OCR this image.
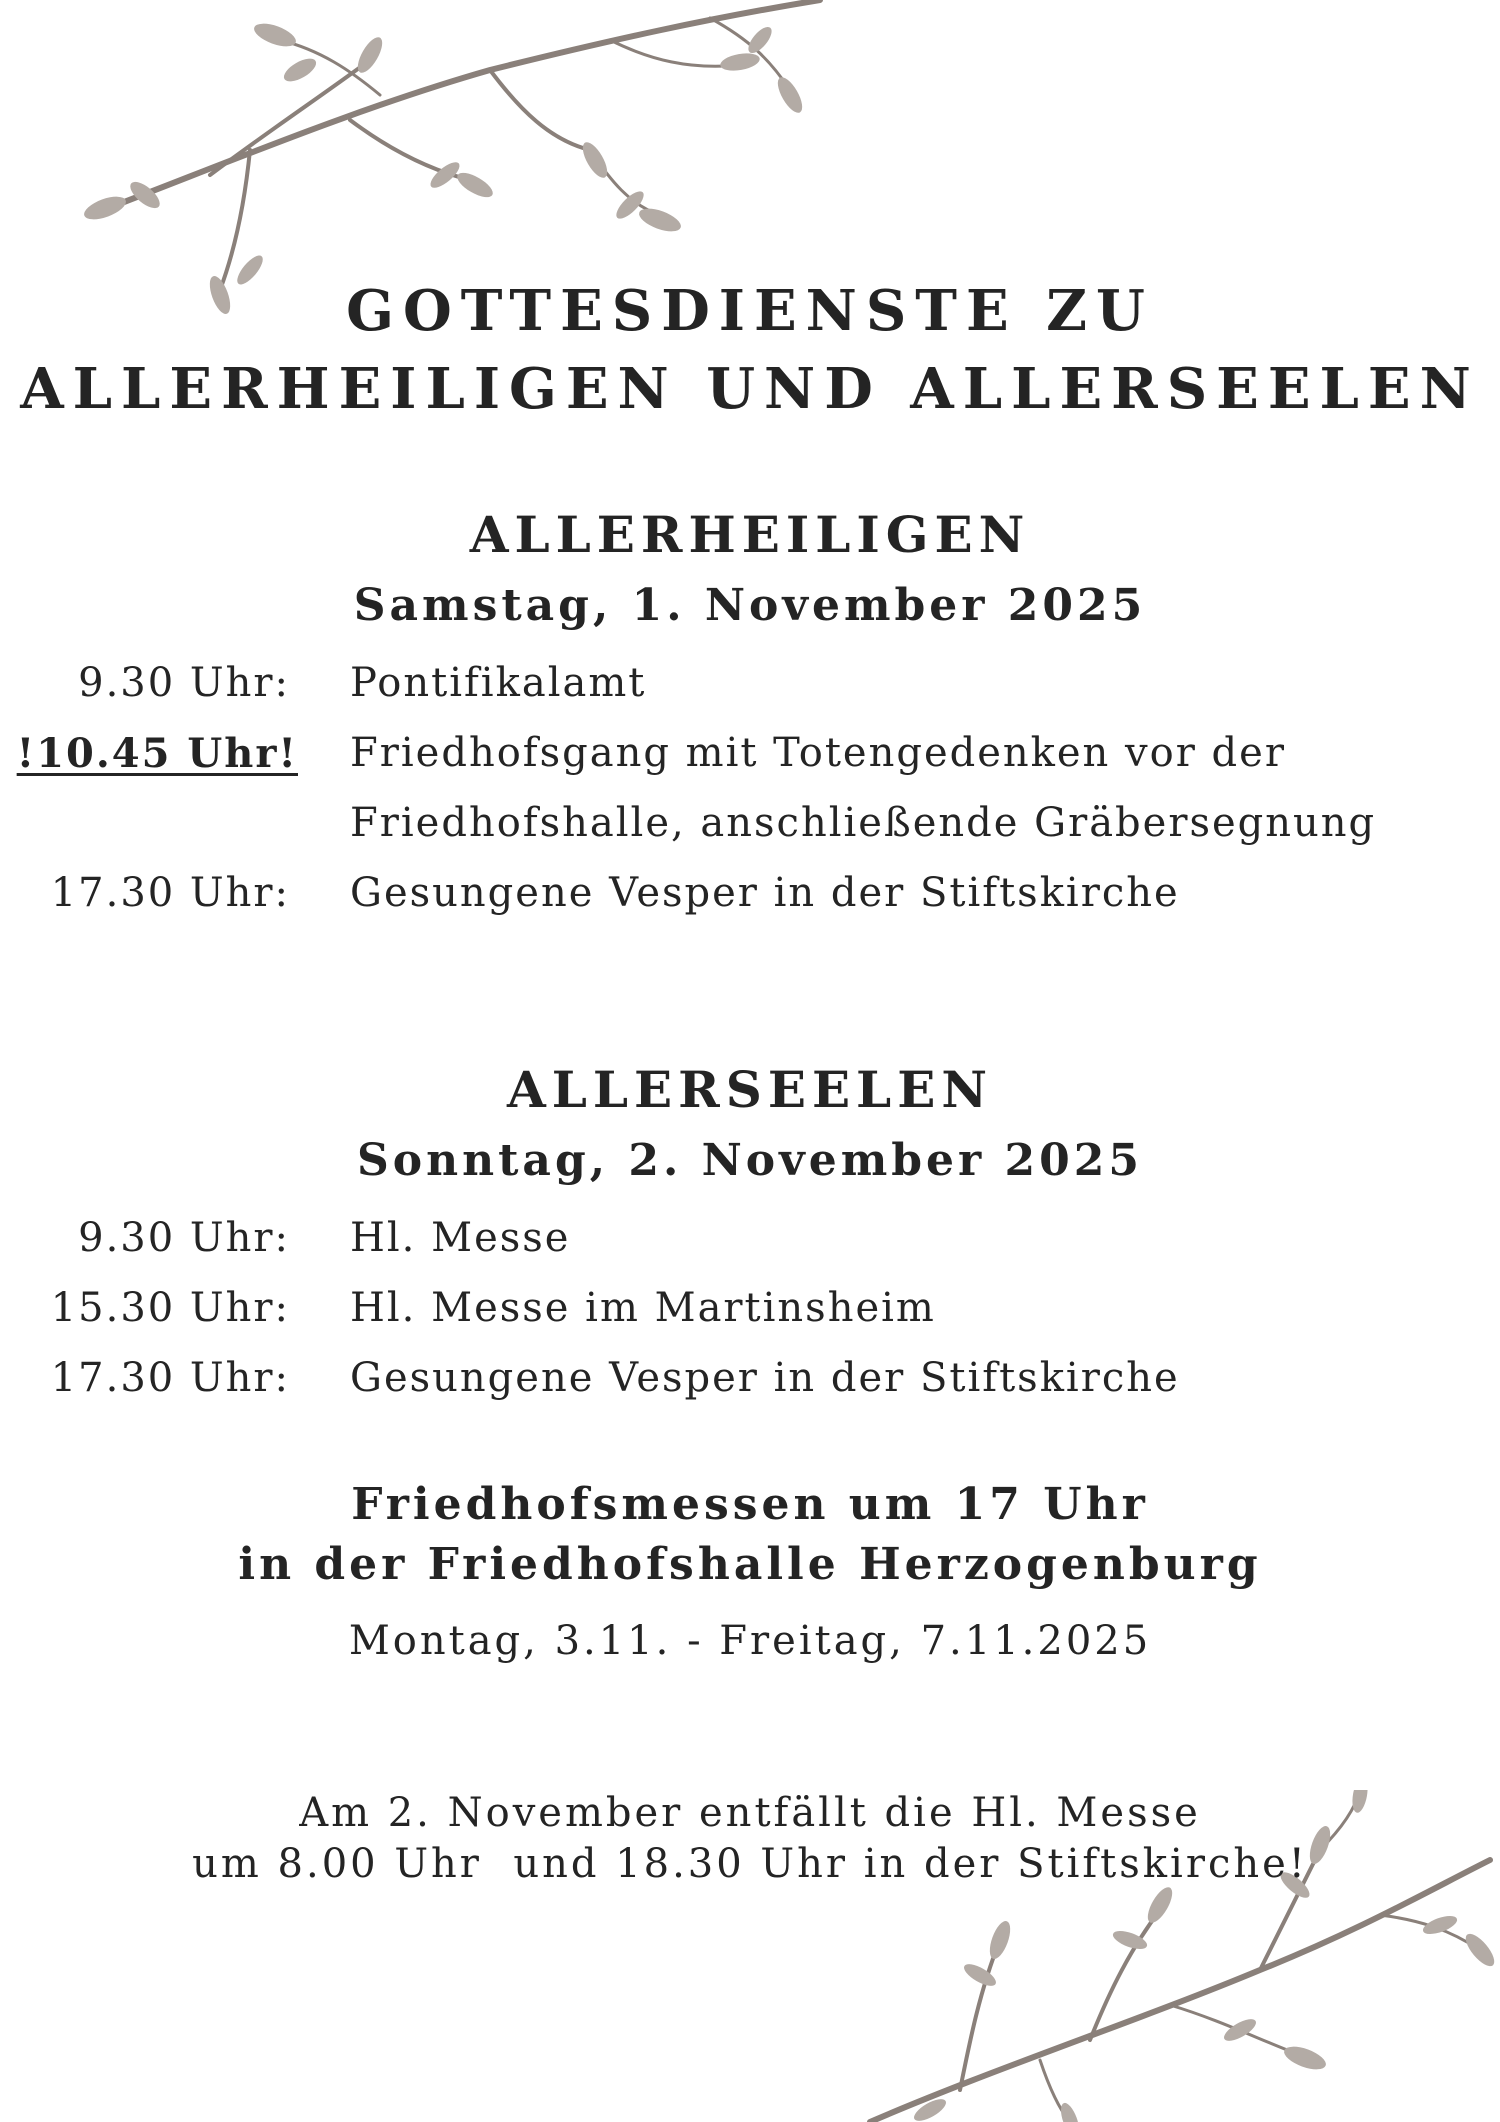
GOTTESDIENSTE ZU
ALLERHEILIGEN UND ALLERSEELEN
ALLERHEILIGEN
Samstag, 1. November 2025
9.30 Uhr: Pontifikalamt
!10.45 Uhr! Friedhofsgang mit Totengedenken vor der
Friedhofshalle, anschließende Gräbersegnung
17.30 Uhr: Gesungene Vesper in der Stiftskirche
ALLERSEELEN
Sonntag, 2. November 2025
9.30 Uhr: Hl. Messe
15.30 Uhr: Hl. Messe im Martinsheim
17.30 Uhr: Gesungene Vesper in der Stiftskirche
Friedhofsmessen um 17 Uhr
in der Friedhofshalle Herzogenburg
Montag, 3.11. - Freitag, 7.11.2025
Am 2. November entfällt die Hl. Messe
um 8.00 Uhr  und 18.30 Uhr in der Stiftskirche!
